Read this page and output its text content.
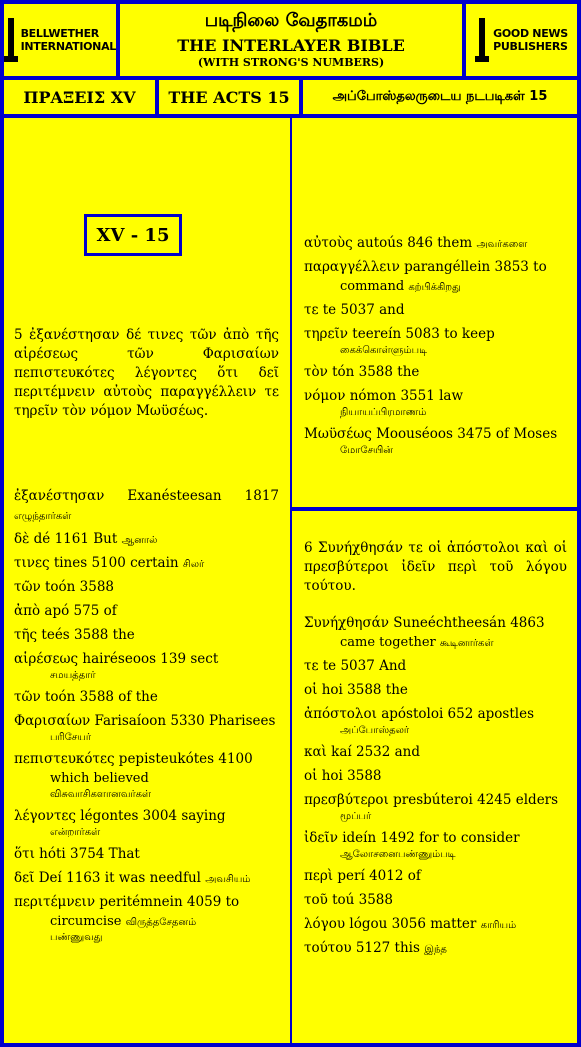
BELLWETHER
INTERNATIONAL
படிநிலை வேதாகமம்
THE INTERLAYER BIBLE
(WITH STRONG'S NUMBERS)
GOOD NEWS
PUBLISHERS
ΠΡΑΞΕΙΣ XV	THE ACTS 15	அப்போஸ்தலருடைய நடபடிகள் 15
XV - 15
5 ἐξανέστησαν δέ τινες τῶν ἀπὸ τῆς αἱρέσεως τῶν Φαρισαίων πεπιστευκότες λέγοντες ὅτι δεῖ περιτέμνειν αὐτοὺς παραγγέλλειν τε τηρεῖν τὸν νόμον Μωϋσέως.
ἐξανέστησαν Exanésteesan 1817 எழுந்தார்கள்
δὲ dé 1161 But ஆனால்
τινες tines 5100 certain சிலர்
τῶν toón 3588
ἀπὸ apó 575 of
τῆς teés 3588 the
αἱρέσεως hairéseoos 139 sect
சமயத்தார்
τῶν toón 3588 of the
Φαρισαίων Farisaíoon 5330 Pharisees
பரிசேயர்
πεπιστευκότες pepisteukótes 4100
which believed
விசுவாசிகளானவர்கள்
λέγοντες légontes 3004 saying
என்றார்கள்
ὅτι hóti 3754 That
δεῖ Deí 1163 it was needful அவசியம்
περιτέμνειν peritémnein 4059 to
circumcise விருத்தசேதனம்
பண்ணுவது
αὐτοὺς autoús 846 them அவர்களை
παραγγέλλειν parangéllein 3853 to
command கற்பிக்கிறது
τε te 5037 and
τηρεῖν teereín 5083 to keep
கைக்கொள்ளும்படி
τὸν tón 3588 the
νόμον nómon 3551 law
நியாயப்பிரமாணம்
Μωϋσέως Moouséoos 3475 of Moses
மோசேயின்
6 Συνήχθησάν τε οἱ ἀπόστολοι καὶ οἱ πρεσβύτεροι ἰδεῖν περὶ τοῦ λόγου τούτου.
Συνήχθησάν Suneéchtheesán 4863
came together கூடினார்கள்
τε te 5037 And
οἱ hoi 3588 the
ἀπόστολοι apóstoloi 652 apostles
அப்போஸ்தலர்
καὶ kaí 2532 and
οἱ hoi 3588
πρεσβύτεροι presbúteroi 4245 elders
மூப்பர்
ἰδεῖν ideín 1492 for to consider
ஆலோசனைபண்ணும்படி
περὶ perí 4012 of
τοῦ toú 3588
λόγου lógou 3056 matter காரியம்
τούτου 5127 this இந்த
